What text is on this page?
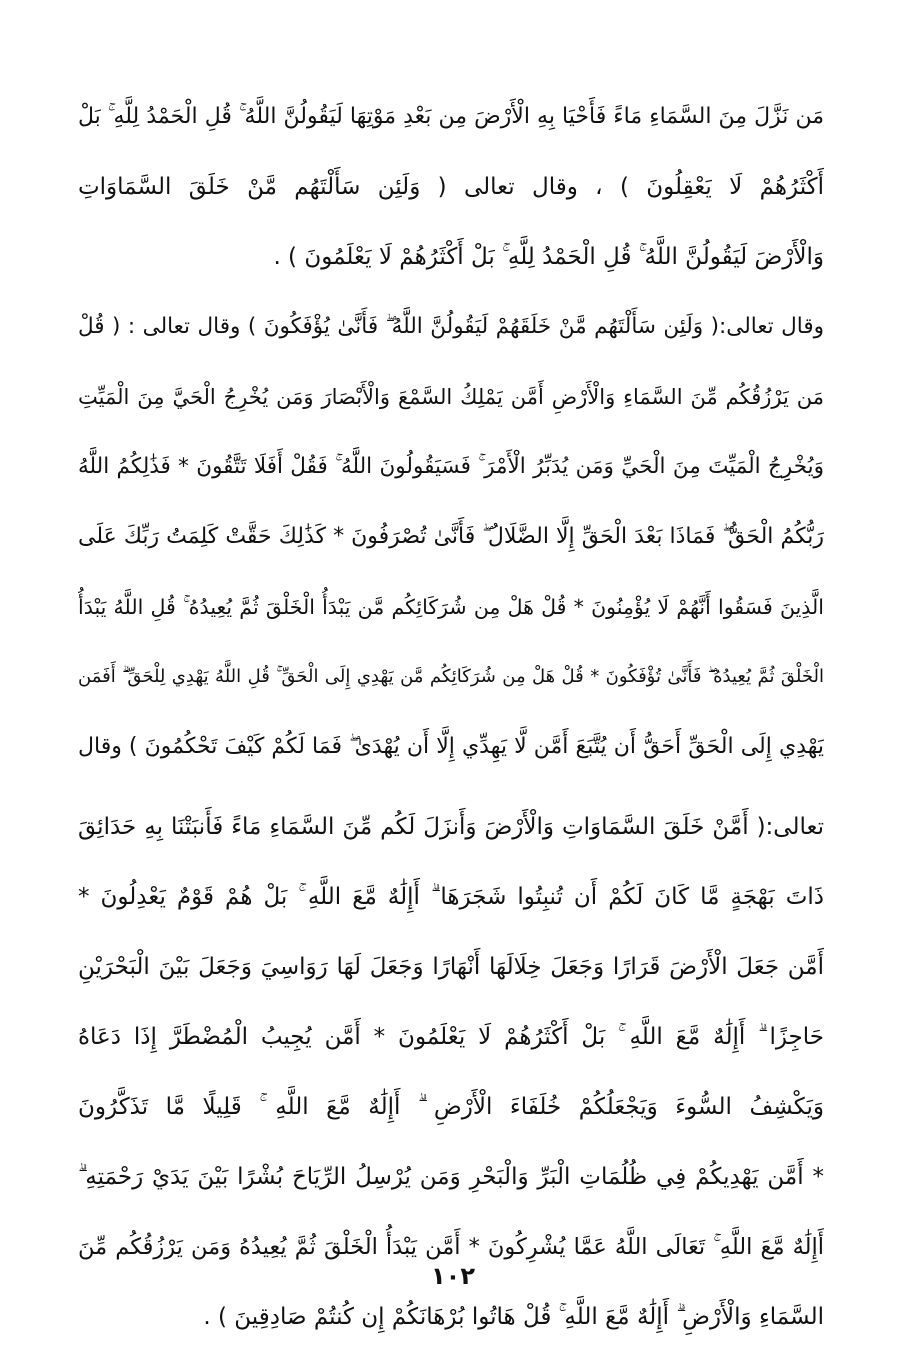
مَن نَزَّلَ مِنَ السَّمَاءِ مَاءً فَأَحْيَا بِهِ الْأَرْضَ مِن بَعْدِ مَوْتِهَا لَيَقُولُنَّ اللَّهُ ۚ قُلِ الْحَمْدُ لِلَّهِ ۚ بَلْ
أَكْثَرُهُمْ لَا يَعْقِلُونَ ) ، وقال تعالى ( وَلَئِن سَأَلْتَهُم مَّنْ خَلَقَ السَّمَاوَاتِ
وَالْأَرْضَ لَيَقُولُنَّ اللَّهُ ۚ قُلِ الْحَمْدُ لِلَّهِ ۚ بَلْ أَكْثَرُهُمْ لَا يَعْلَمُونَ ) .
وقال تعالى:( وَلَئِن سَأَلْتَهُم مَّنْ خَلَقَهُمْ لَيَقُولُنَّ اللَّهُ ۖ فَأَنَّىٰ يُؤْفَكُونَ ) وقال تعالى : ( قُلْ
مَن يَرْزُقُكُم مِّنَ السَّمَاءِ وَالْأَرْضِ أَمَّن يَمْلِكُ السَّمْعَ وَالْأَبْصَارَ وَمَن يُخْرِجُ الْحَيَّ مِنَ الْمَيِّتِ
وَيُخْرِجُ الْمَيِّتَ مِنَ الْحَيِّ وَمَن يُدَبِّرُ الْأَمْرَ ۚ فَسَيَقُولُونَ اللَّهُ ۚ فَقُلْ أَفَلَا تَتَّقُونَ * فَذَٰلِكُمُ اللَّهُ
رَبُّكُمُ الْحَقُّ ۖ فَمَاذَا بَعْدَ الْحَقِّ إِلَّا الضَّلَالُ ۖ فَأَنَّىٰ تُصْرَفُونَ * كَذَٰلِكَ حَقَّتْ كَلِمَتُ رَبِّكَ عَلَى
الَّذِينَ فَسَقُوا أَنَّهُمْ لَا يُؤْمِنُونَ * قُلْ هَلْ مِن شُرَكَائِكُم مَّن يَبْدَأُ الْخَلْقَ ثُمَّ يُعِيدُهُ ۚ قُلِ اللَّهُ يَبْدَأُ
الْخَلْقَ ثُمَّ يُعِيدُهُ ۖ فَأَنَّىٰ تُؤْفَكُونَ * قُلْ هَلْ مِن شُرَكَائِكُم مَّن يَهْدِي إِلَى الْحَقِّ ۚ قُلِ اللَّهُ يَهْدِي لِلْحَقِّ ۗ أَفَمَن
يَهْدِي إِلَى الْحَقِّ أَحَقُّ أَن يُتَّبَعَ أَمَّن لَّا يَهِدِّي إِلَّا أَن يُهْدَىٰ ۖ فَمَا لَكُمْ كَيْفَ تَحْكُمُونَ ) وقال
تعالى:( أَمَّنْ خَلَقَ السَّمَاوَاتِ وَالْأَرْضَ وَأَنزَلَ لَكُم مِّنَ السَّمَاءِ مَاءً فَأَنبَتْنَا بِهِ حَدَائِقَ
ذَاتَ بَهْجَةٍ مَّا كَانَ لَكُمْ أَن تُنبِتُوا شَجَرَهَا ۗ أَإِلَٰهٌ مَّعَ اللَّهِ ۚ بَلْ هُمْ قَوْمٌ يَعْدِلُونَ *
أَمَّن جَعَلَ الْأَرْضَ قَرَارًا وَجَعَلَ خِلَالَهَا أَنْهَارًا وَجَعَلَ لَهَا رَوَاسِيَ وَجَعَلَ بَيْنَ الْبَحْرَيْنِ
حَاجِزًا ۗ أَإِلَٰهٌ مَّعَ اللَّهِ ۚ بَلْ أَكْثَرُهُمْ لَا يَعْلَمُونَ * أَمَّن يُجِيبُ الْمُضْطَرَّ إِذَا دَعَاهُ
وَيَكْشِفُ السُّوءَ وَيَجْعَلُكُمْ خُلَفَاءَ الْأَرْضِ ۗ أَإِلَٰهٌ مَّعَ اللَّهِ ۚ قَلِيلًا مَّا تَذَكَّرُونَ
* أَمَّن يَهْدِيكُمْ فِي ظُلُمَاتِ الْبَرِّ وَالْبَحْرِ وَمَن يُرْسِلُ الرِّيَاحَ بُشْرًا بَيْنَ يَدَيْ رَحْمَتِهِ ۗ
أَإِلَٰهٌ مَّعَ اللَّهِ ۚ تَعَالَى اللَّهُ عَمَّا يُشْرِكُونَ * أَمَّن يَبْدَأُ الْخَلْقَ ثُمَّ يُعِيدُهُ وَمَن يَرْزُقُكُم مِّنَ
السَّمَاءِ وَالْأَرْضِ ۗ أَإِلَٰهٌ مَّعَ اللَّهِ ۚ قُلْ هَاتُوا بُرْهَانَكُمْ إِن كُنتُمْ صَادِقِينَ ) .
١٠٢
